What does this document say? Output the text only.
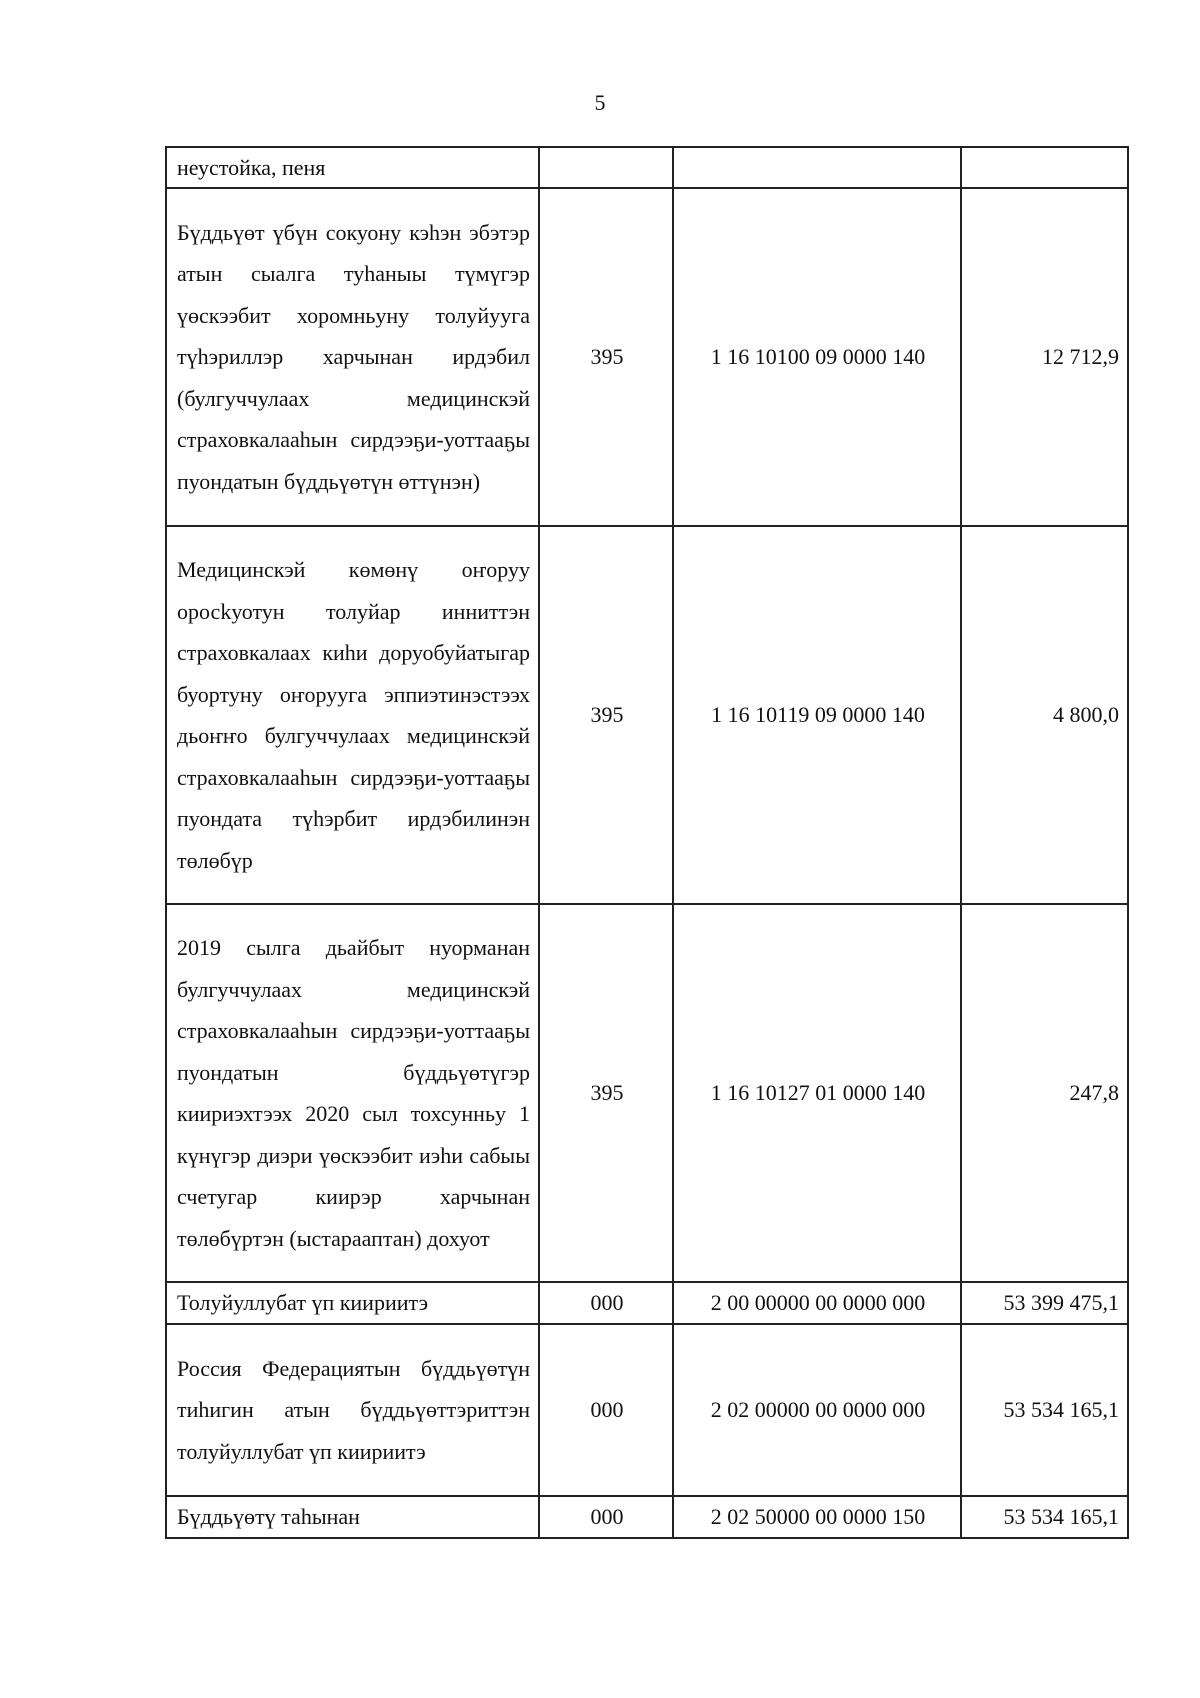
5
неустойка, пеня			
Бүддьүөт үбүн сокуону кэһэн эбэтэр атын сыалга туһаныы түмүгэр үөскээбит хоромньуну толуйууга түһэриллэр харчынан ирдэбил (булгуччулаах медицинскэй страховкалааһын сирдээҕи-уоттааҕы пуондатын бүддьүөтүн өттүнэн)	395	1 16 10100 09 0000 140	12 712,9
Медицинскэй көмөнү оҥоруу оросkуотун толуйар инниттэн страховкалаах киһи доруобуйатыгар буортуну оҥорууга эппиэтинэстээх дьоҥҥо булгуччулаах медицинскэй страховкалааһын сирдээҕи-уоттааҕы пуондата түһэрбит ирдэбилинэн төлөбүр	395	1 16 10119 09 0000 140	4 800,0
2019 сылга дьайбыт нуорманан булгуччулаах медицинскэй страховкалааһын сирдээҕи-уоттааҕы пуондатын бүддьүөтүгэр киириэхтээх 2020 сыл тохсунньу 1 күнүгэр диэри үөскээбит иэһи сабыы счетугар киирэр харчынан төлөбүртэн (ыстарааптан) дохуот	395	1 16 10127 01 0000 140	247,8
Толуйуллубат үп киириитэ	000	2 00 00000 00 0000 000	53 399 475,1
Россия Федерациятын бүддьүөтүн тиһигин атын бүддьүөттэриттэн толуйуллубат үп киириитэ	000	2 02 00000 00 0000 000	53 534 165,1
Бүддьүөтү таһынан	000	2 02 50000 00 0000 150	53 534 165,1
